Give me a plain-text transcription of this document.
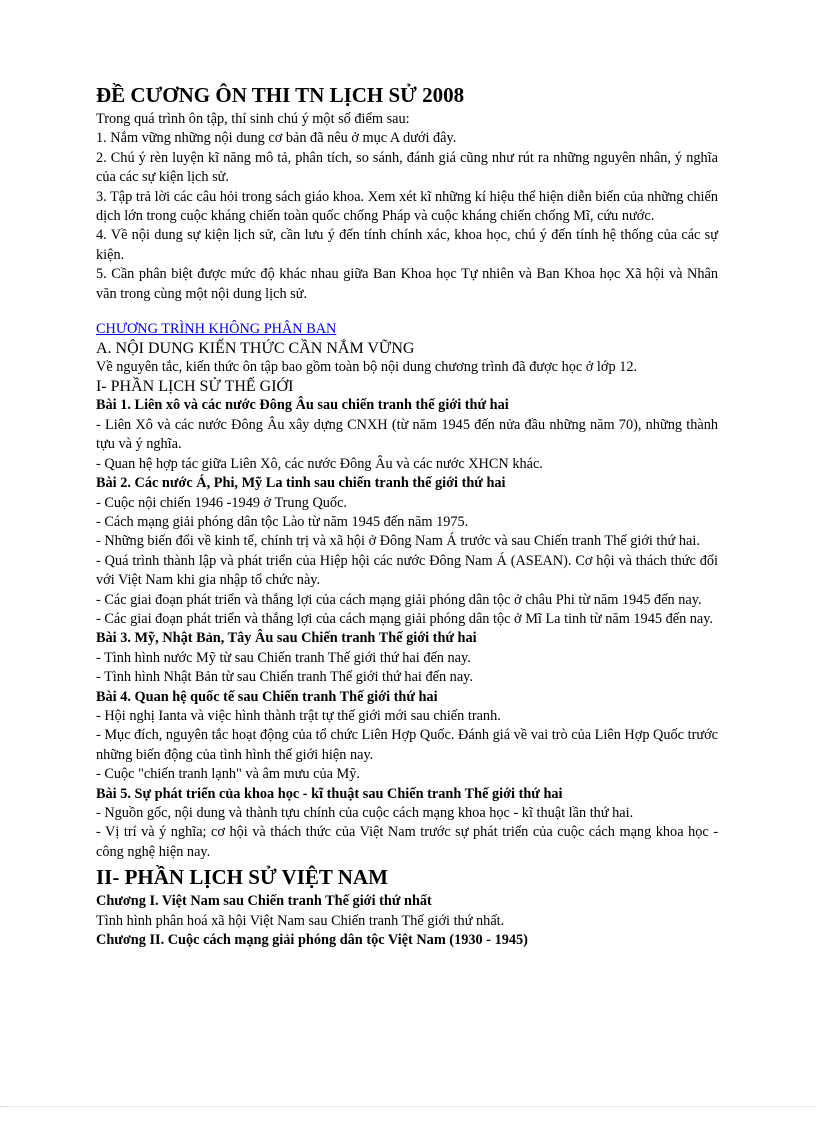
ĐỀ CƯƠNG ÔN THI TN LỊCH SỬ 2008

Trong quá trình ôn tập, thí sinh chú ý một số điểm sau:

1. Nắm vững những nội dung cơ bản đã nêu ở mục A dưới đây.

2. Chú ý rèn luyện kĩ năng mô tả, phân tích, so sánh, đánh giá cũng như rút ra những nguyên nhân, ý nghĩa của các sự kiện lịch sử.

3. Tập trả lời các câu hỏi trong sách giáo khoa. Xem xét kĩ những kí hiệu thể hiện diễn biến của những chiến dịch lớn trong cuộc kháng chiến toàn quốc chống Pháp và cuộc kháng chiến chống Mĩ, cứu nước.

4. Về nội dung sự kiện lịch sử, cần lưu ý đến tính chính xác, khoa học, chú ý đến tính hệ thống của các sự kiện.

5. Cần phân biệt được mức độ khác nhau giữa Ban Khoa học Tự nhiên và Ban Khoa học Xã hội và Nhân văn trong cùng một nội dung lịch sử.

CHƯƠNG TRÌNH KHÔNG PHÂN BAN

A. NỘI DUNG KIẾN THỨC CẦN NẮM VỮNG

Về nguyên tắc, kiến thức ôn tập bao gồm toàn bộ nội dung chương trình đã được học ở lớp 12.

I- PHẦN LỊCH SỬ THẾ GIỚI

Bài 1. Liên xô và các nước Đông Âu sau chiến tranh thế giới thứ hai

- Liên Xô và các nước Đông Âu xây dựng CNXH (từ năm 1945 đến nửa đầu những năm 70), những thành tựu và ý nghĩa.

- Quan hệ hợp tác giữa Liên Xô, các nước Đông Âu và các nước XHCN khác.

Bài 2. Các nước Á, Phi, Mỹ La tinh sau chiến tranh thế giới thứ hai

- Cuộc nội chiến 1946 -1949 ở Trung Quốc.

- Cách mạng giải phóng dân tộc Lào từ năm 1945 đến năm 1975.

- Những biến đổi về kinh tế, chính trị và xã hội ở Đông Nam Á trước và sau Chiến tranh Thế giới thứ hai.

- Quá trình thành lập và phát triển của Hiệp hội các nước Đông Nam Á (ASEAN). Cơ hội và thách thức đối với Việt Nam khi gia nhập tổ chức này.

- Các giai đoạn phát triển và thắng lợi của cách mạng giải phóng dân tộc ở châu Phi từ năm 1945 đến nay.

- Các giai đoạn phát triển và thắng lợi của cách mạng giải phóng dân tộc ở Mĩ La tinh từ năm 1945 đến nay.

Bài 3. Mỹ, Nhật Bản, Tây Âu sau Chiến tranh Thế giới thứ hai

- Tình hình nước Mỹ từ sau Chiến tranh Thế giới thứ hai đến nay.

- Tình hình Nhật Bản từ sau Chiến tranh Thế giới thứ hai đến nay.

Bài 4. Quan hệ quốc tế sau Chiến tranh Thế giới thứ hai

- Hội nghị Ianta và việc hình thành trật tự thế giới mới sau chiến tranh.

- Mục đích, nguyên tắc hoạt động của tổ chức Liên Hợp Quốc. Đánh giá về vai trò của Liên Hợp Quốc trước những biến động của tình hình thế giới hiện nay.

- Cuộc "chiến tranh lạnh" và âm mưu của Mỹ.

Bài 5. Sự phát triển của khoa học - kĩ thuật sau Chiến tranh Thế giới thứ hai

- Nguồn gốc, nội dung và thành tựu chính của cuộc cách mạng khoa học - kĩ thuật lần thứ hai.

- Vị trí và ý nghĩa; cơ hội và thách thức của Việt Nam trước sự phát triển của cuộc cách mạng khoa học - công nghệ hiện nay.

II- PHẦN LỊCH SỬ VIỆT NAM

Chương I. Việt Nam sau Chiến tranh Thế giới thứ nhất

Tình hình phân hoá xã hội Việt Nam sau Chiến tranh Thế giới thứ nhất.

Chương II. Cuộc cách mạng giải phóng dân tộc Việt Nam (1930 - 1945)
